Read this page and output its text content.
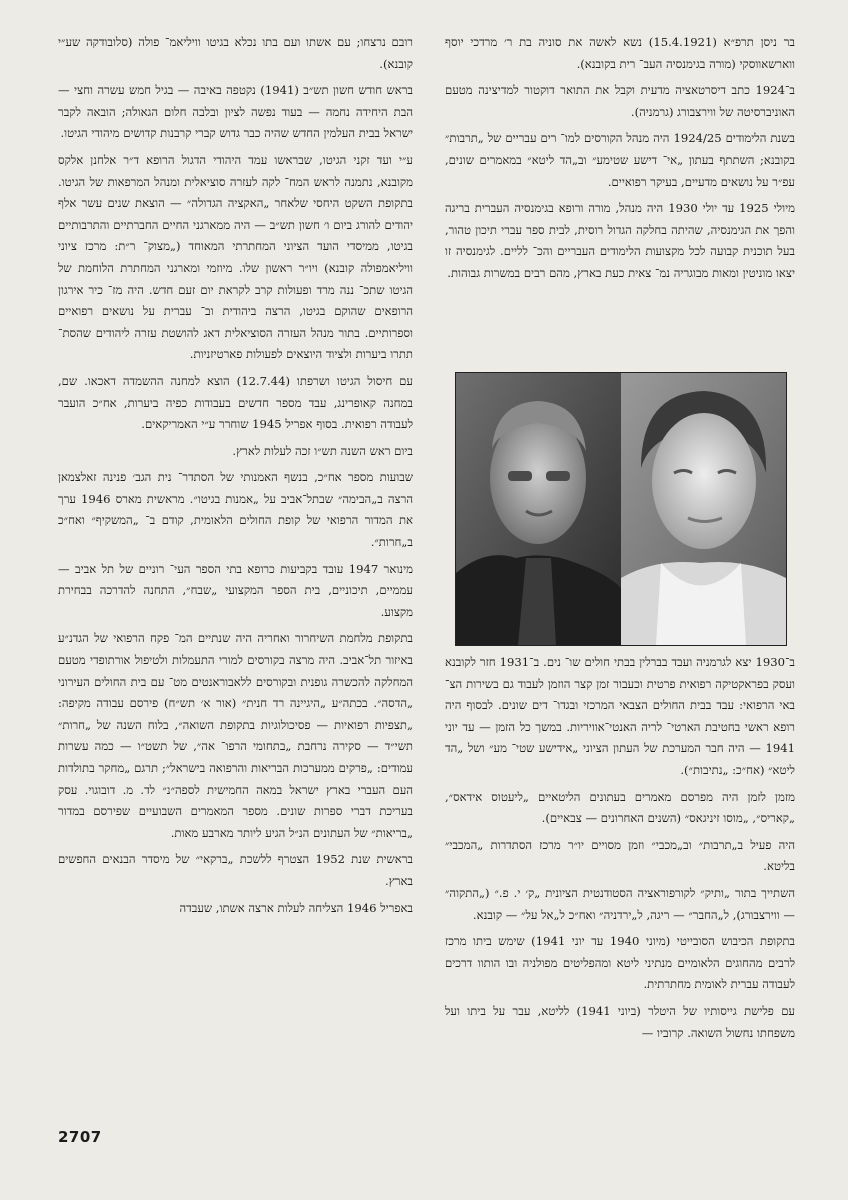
בר ניסן תרפ״א (15.4.1921) נשא לאשה את סוניה בת ר׳ מרדכי יוסף ווארשאווסקי (מורה בגימנסיה העב־ רית בקובנא).

ב־1924 כתב דיסרטאציה מדעית וקבל את התואר דוקטור למדיצינה מטעם האוניברסיטה של ווירצבורג (גרמניה).

בשנת הלימודים 1924/25 היה מנהל הקורסים למו־ רים עבריים של „תרבות״ בקובנא; השתתף בעתון „אי־ דישע שטימע״ וב„הד ליטא״ במאמרים שונים, עפ״ר על נושאים מדעיים, בעיקר רפואיים.

מיולי 1925 עד יולי 1930 היה מנהל, מורה ורופא בגימנסיה העברית בריגה והפך את הגימנסיה, שהיתה בחלקה הגדול רוסית, לבית ספר עברי תיכון טהור, בעל תוכנית קבועה לכל מקצועות הלימודים העבריים והכ־ לליים. לגימנסיה זו יצאו מוניטין ומאות מבוגריה נמ־ צאית כעת בארץ, מהם רבים במשרות גבוהות.

ב־1930 יצא לגרמניה ועבד בברלין בבתי חולים שו־ נים. ב־1931 חזר לקובנא ועסק בפראקטיקה רפואית פרטית וכעבור זמן קצר הוזמן לעבוד גם בשירות הצ־ באי הרפואי: עבד בבית החולים הצבאי המרכזי ובגדו־ דים שונים. לבסוף היה רופא ראשי בחטיבת הארטי־ לריה האנטי־אוויריות. במשך כל הזמן — עד יוני 1941 — היה חבר המערכת של העתון הציוני „אידישע שטי־ מע״ ושל „הד ליטא״ (אח״כ: „נתיבות״).

מזמן לזמן היה מפרסם מאמרים בעתונים הליטאיים „ליעטוס אידאס״, „קאריס״, „מוסו זיניגאס״ (השנים האחרונים — צבאיים).

היה פעיל ב„תרבות״ וב„מכבי״ וזמן מסויים יו״ר מרכז הסתדרות „המכבי״ בליטא.

השתייך בתור „ותיק״ לקורפוראציה הסטודנטית הציונית „ק׳ י. פ.״ („התקוה״ — ווירצבורג), ל„החבר״ — ריגה, ל„ירדניה״ ואח״כ ל„אל על״ — קובנא.

בתקופת הכיבוש הסובייטי (מיוני 1940 עד יוני 1941) שימש ביתו מרכז לרבים מהחוגים הלאומיים מנתיני ליטא ומהפליטים מפולניה ובו הותוו דרכים לעבודה עברית לאומית מחתרתית.

עם פלישת גייסותיו של היטלר (ביוני 1941) לליטא, עבר על ביתו ועל משפחתו נחשול השואה. קרוביו —

רובם נרצחו; עם אשתו ועם בתו נכלא בגיטו וויליאמ־ פולה (סלובודקה שע״י קובנא).

בראש חודש חשון תש״ב (1941) נקטפה באיבה — בגיל חמש עשרה וחצי — הבת היחידה נחמה — בעוד נפשה לציון ובלבה חלום הגאולה; הובאה לקבר ישראל בבית העלמין החדש שהיה כבר גדוש קברי קרבנות קדושים מיהודי הגיטו.

ע״י ועד זקני הגיטו, שבראשו עמד היהודי הדגול הרופא ד״ר אלחנן אלקס מקובנא, נתמנה לראש המח־ לקה לעזרה סוציאלית ומנהל המרפאות של הגיטו. בתקופת השקט היחסי שלאחר „האקציה הגדולה״ — הוצאת שנים עשר אלף יהודים להורג ביום ו׳ חשון תש״ב — היה ממארגני החיים החברתיים והתרבותיים בגיטו, ממיסדי הועד הציוני המחתרתי המאוחד („מצוק־ ר״ת: מרכז ציוני וויליאמפולה קובנא) ויו״ר ראשון שלו. מיוזמי ומארגני המחתרת הלוחמת של הגיטו שתכ־ ננה מרד ופעולות קרב לקראת יום זעם חדש. היה מז־ כיר אירגון הרופאים שהוקם בגיטו, הרצה ביהודית וב־ עברית על נושאים רפואיים וספרותיים. בתור מנהל העזרה הסוציאלית דאג להושטת עזרה ליהודים שהסת־ תתרו ביערות ולציוד היוצאים לפעולות פארטיזניות.

עם חיסול הגיטו ושרפתו (12.7.44) הוצא למחנה ההשמדה דאכאו. שם, במחנה קאופרינג, עבד מספר חדשים בעבודות כפיה ביערות, אח״כ הועבר לעבודה רפואית. בסוף אפריל 1945 שוחרר ע״י האמריקאים.

ביום ראש השנה תש״ו זכה לעלות לארץ.

שבועות מספר אח״כ, בנשף האמנותי של הסתדר־ נית הגב׳ פנינה זאלצמאן הרצה ב„הבימה״ שבתל־אביב על „אמנות בגיטו״. מראשית מארס 1946 ערך את המדור הרפואי של קופת החולים הלאומית, קודם ב־ „המשקיף״ ואח״כ ב„חרות״.

מינואר 1947 עובד בקביעות כרופא בתי הספר העי־ רוניים של תל אביב — עממיים, תיכוניים, בית הספר המקצועי „שבח״, התחנה להדרכה בבחירת מקצוע.

בתקופת מלחמת השיחרור ואחריה היה שנתיים המ־ פקח הרפואי של הגדנ״ע באיזור תל־אביב. היה מרצה בקורסים למורי התעמלות ולטיפול אורתופדי מטעם המחלקה להכשרה גופנית ובקורסים ללאבוראנטים מט־ עם בית החולים העירוני „הדסה״. בכתה״ע „היגיינה רד חנית״ (אור א׳ תש״ח) פירסם עבודה מקיפה: „תצפיות רפואיות — פסיכולוגיות בתקופת השואה״, בלוח השנה של „חרות״ תשי״ד — סקירה נרחבת „בתחומי הרפו־ אה״, של תשט״ו — כמה עשרות עמודים: „פרקים ממערכות הבריאות והרפואה בישראל״; תרגם „מחקר בתולדות העם העברי בארץ ישראל במאה החמישית לספה״נ״ לד. מ. דובוגוי. עסק בעריכת דברי ספרות שונים. מספר המאמרים השבועיים שפירסם במדור „בריאות״ של העתונים הנ״ל הגיע ליותר מארבע מאות.

בראשית שנת 1952 הצטרף ללשכת „ברקאי״ של מיסדר הבנאים החפשים בארץ.

באפריל 1946 הצליחה לעלות ארצה אשתו, שעבדה

2707
